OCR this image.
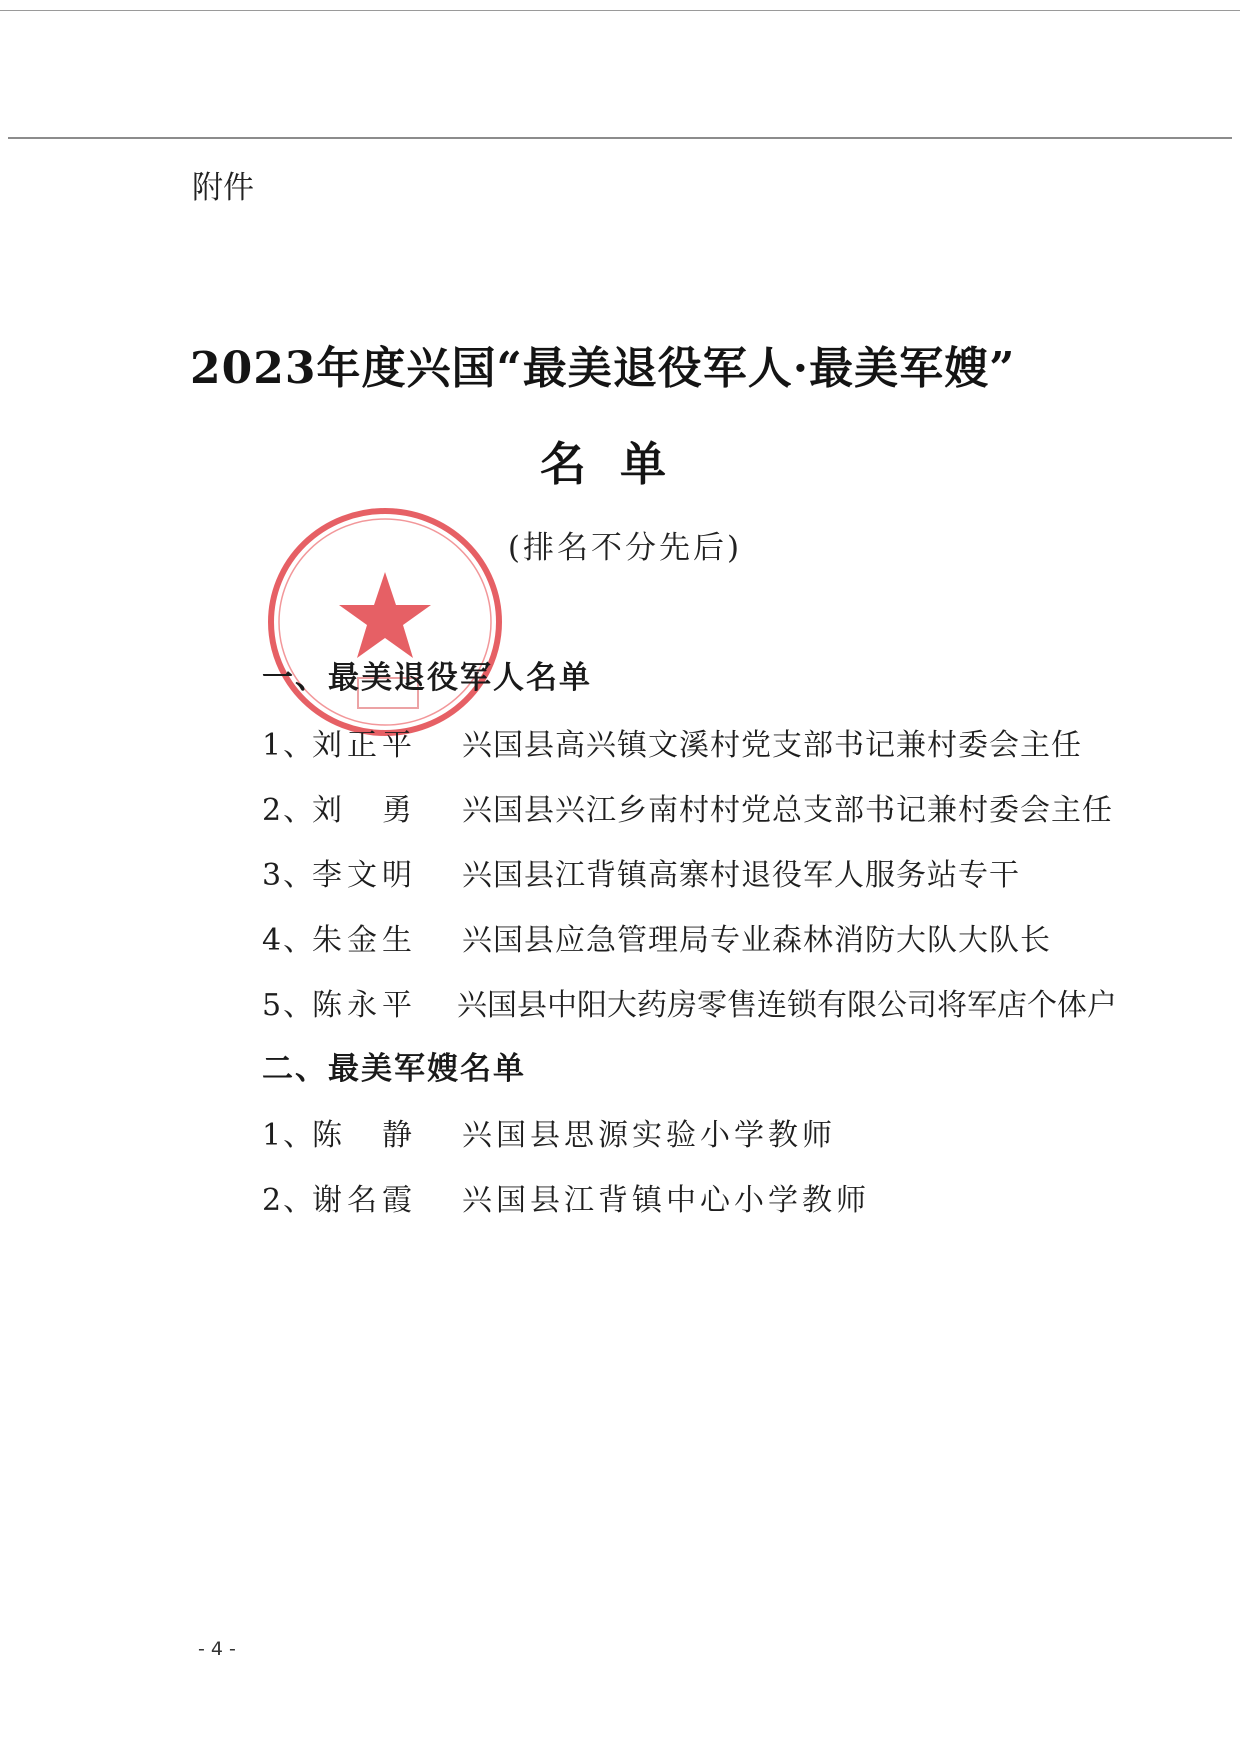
附件
2023年度兴国“最美退役军人·最美军嫂”
名单
(排名不分先后)
一、最美退役军人名单
1、
刘正平 兴国县高兴镇文溪村党支部书记兼村委会主任
2、
刘　勇 兴国县兴江乡南村村党总支部书记兼村委会主任
3、
李文明 兴国县江背镇高寨村退役军人服务站专干
4、
朱金生 兴国县应急管理局专业森林消防大队大队长
5、
陈永平 兴国县中阳大药房零售连锁有限公司将军店个体户
二、最美军嫂名单
1、
陈　静 兴国县思源实验小学教师
2、
谢名霞 兴国县江背镇中心小学教师
- 4 -
